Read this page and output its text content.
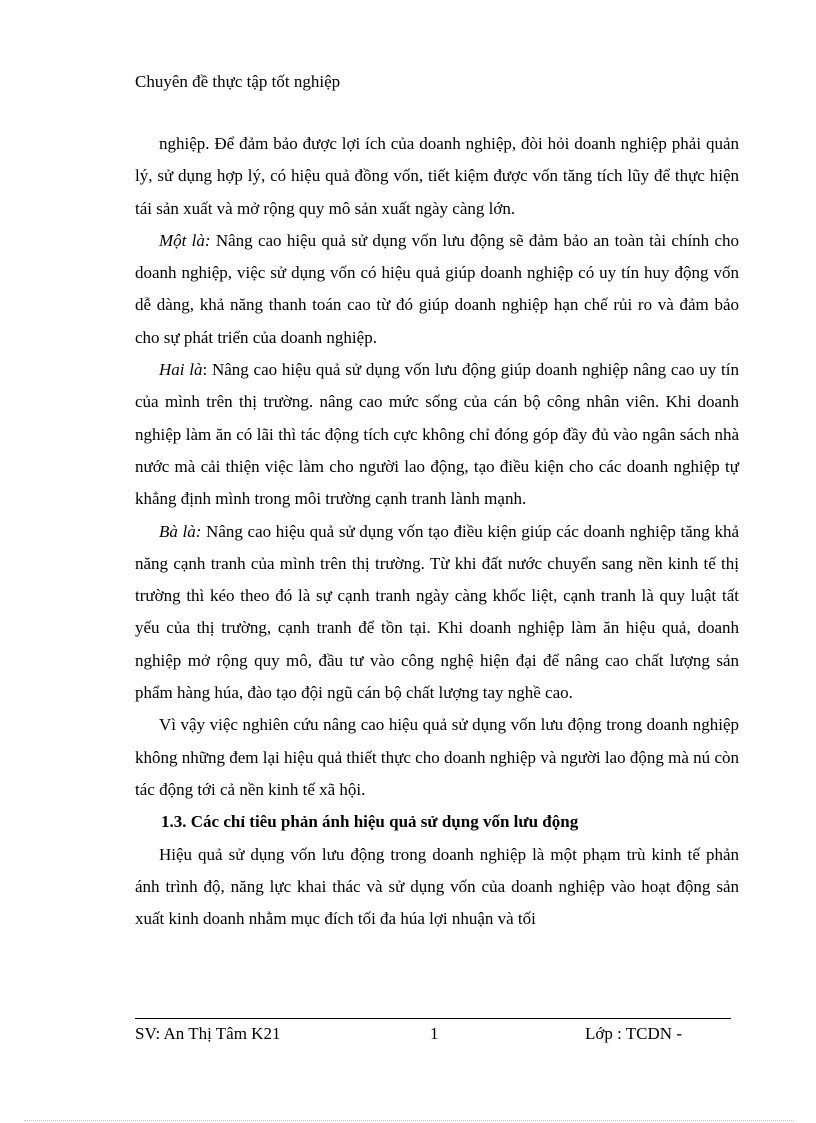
Chuyên đề thực tập tốt nghiệp

nghiệp. Để đảm bảo được lợi ích của doanh nghiệp, đòi hỏi doanh nghiệp phải quản lý, sử dụng hợp lý, có hiệu quả đồng vốn, tiết kiệm được vốn tăng tích lũy để thực hiện tái sản xuất và mở rộng quy mô sản xuất ngày càng lớn.

Một là: Nâng cao hiệu quả sử dụng vốn lưu động sẽ đảm bảo an toàn tài chính cho doanh nghiệp, việc sử dụng vốn có hiệu quả giúp doanh nghiệp có uy tín huy động vốn dễ dàng, khả năng thanh toán cao từ đó giúp doanh nghiệp hạn chế rủi ro và đảm bảo cho sự phát triển của doanh nghiệp.

Hai là: Nâng cao hiệu quả sử dụng vốn lưu động giúp doanh nghiệp nâng cao uy tín của mình trên thị trường. nâng cao mức sống của cán bộ công nhân viên. Khi doanh nghiệp làm ăn có lãi thì tác động tích cực không chỉ đóng góp đầy đủ vào ngân sách nhà nước mà cải thiện việc làm cho người lao động, tạo điều kiện cho các doanh nghiệp tự khẳng định mình trong môi trường cạnh tranh lành mạnh.

Bà là: Nâng cao hiệu quả sử dụng vốn tạo điều kiện giúp các doanh nghiệp tăng khả năng cạnh tranh của mình trên thị trường. Từ khi đất nước chuyển sang nền kinh tế thị trường thì kéo theo đó là sự cạnh tranh ngày càng khốc liệt, cạnh tranh là quy luật tất yếu của thị trường, cạnh tranh để tồn tại. Khi doanh nghiệp làm ăn hiệu quả, doanh nghiệp mở rộng quy mô, đầu tư vào công nghệ hiện đại để nâng cao chất lượng sản phẩm hàng húa, đào tạo đội ngũ cán bộ chất lượng tay nghề cao.

Vì vậy việc nghiên cứu nâng cao hiệu quả sử dụng vốn lưu động trong doanh nghiệp không những đem lại hiệu quả thiết thực cho doanh nghiệp và người lao động mà nú còn tác động tới cả nền kinh tế xã hội.

1.3. Các chỉ tiêu phản ánh hiệu quả sử dụng vốn lưu động

Hiệu quả sử dụng vốn lưu động trong doanh nghiệp là một phạm trù kinh tế phản ánh trình độ, năng lực khai thác và sử dụng vốn của doanh nghiệp vào hoạt động sản xuất kinh doanh nhằm mục đích tối đa húa lợi nhuận và tối

SV: An Thị Tâm K21	1	Lớp : TCDN -
